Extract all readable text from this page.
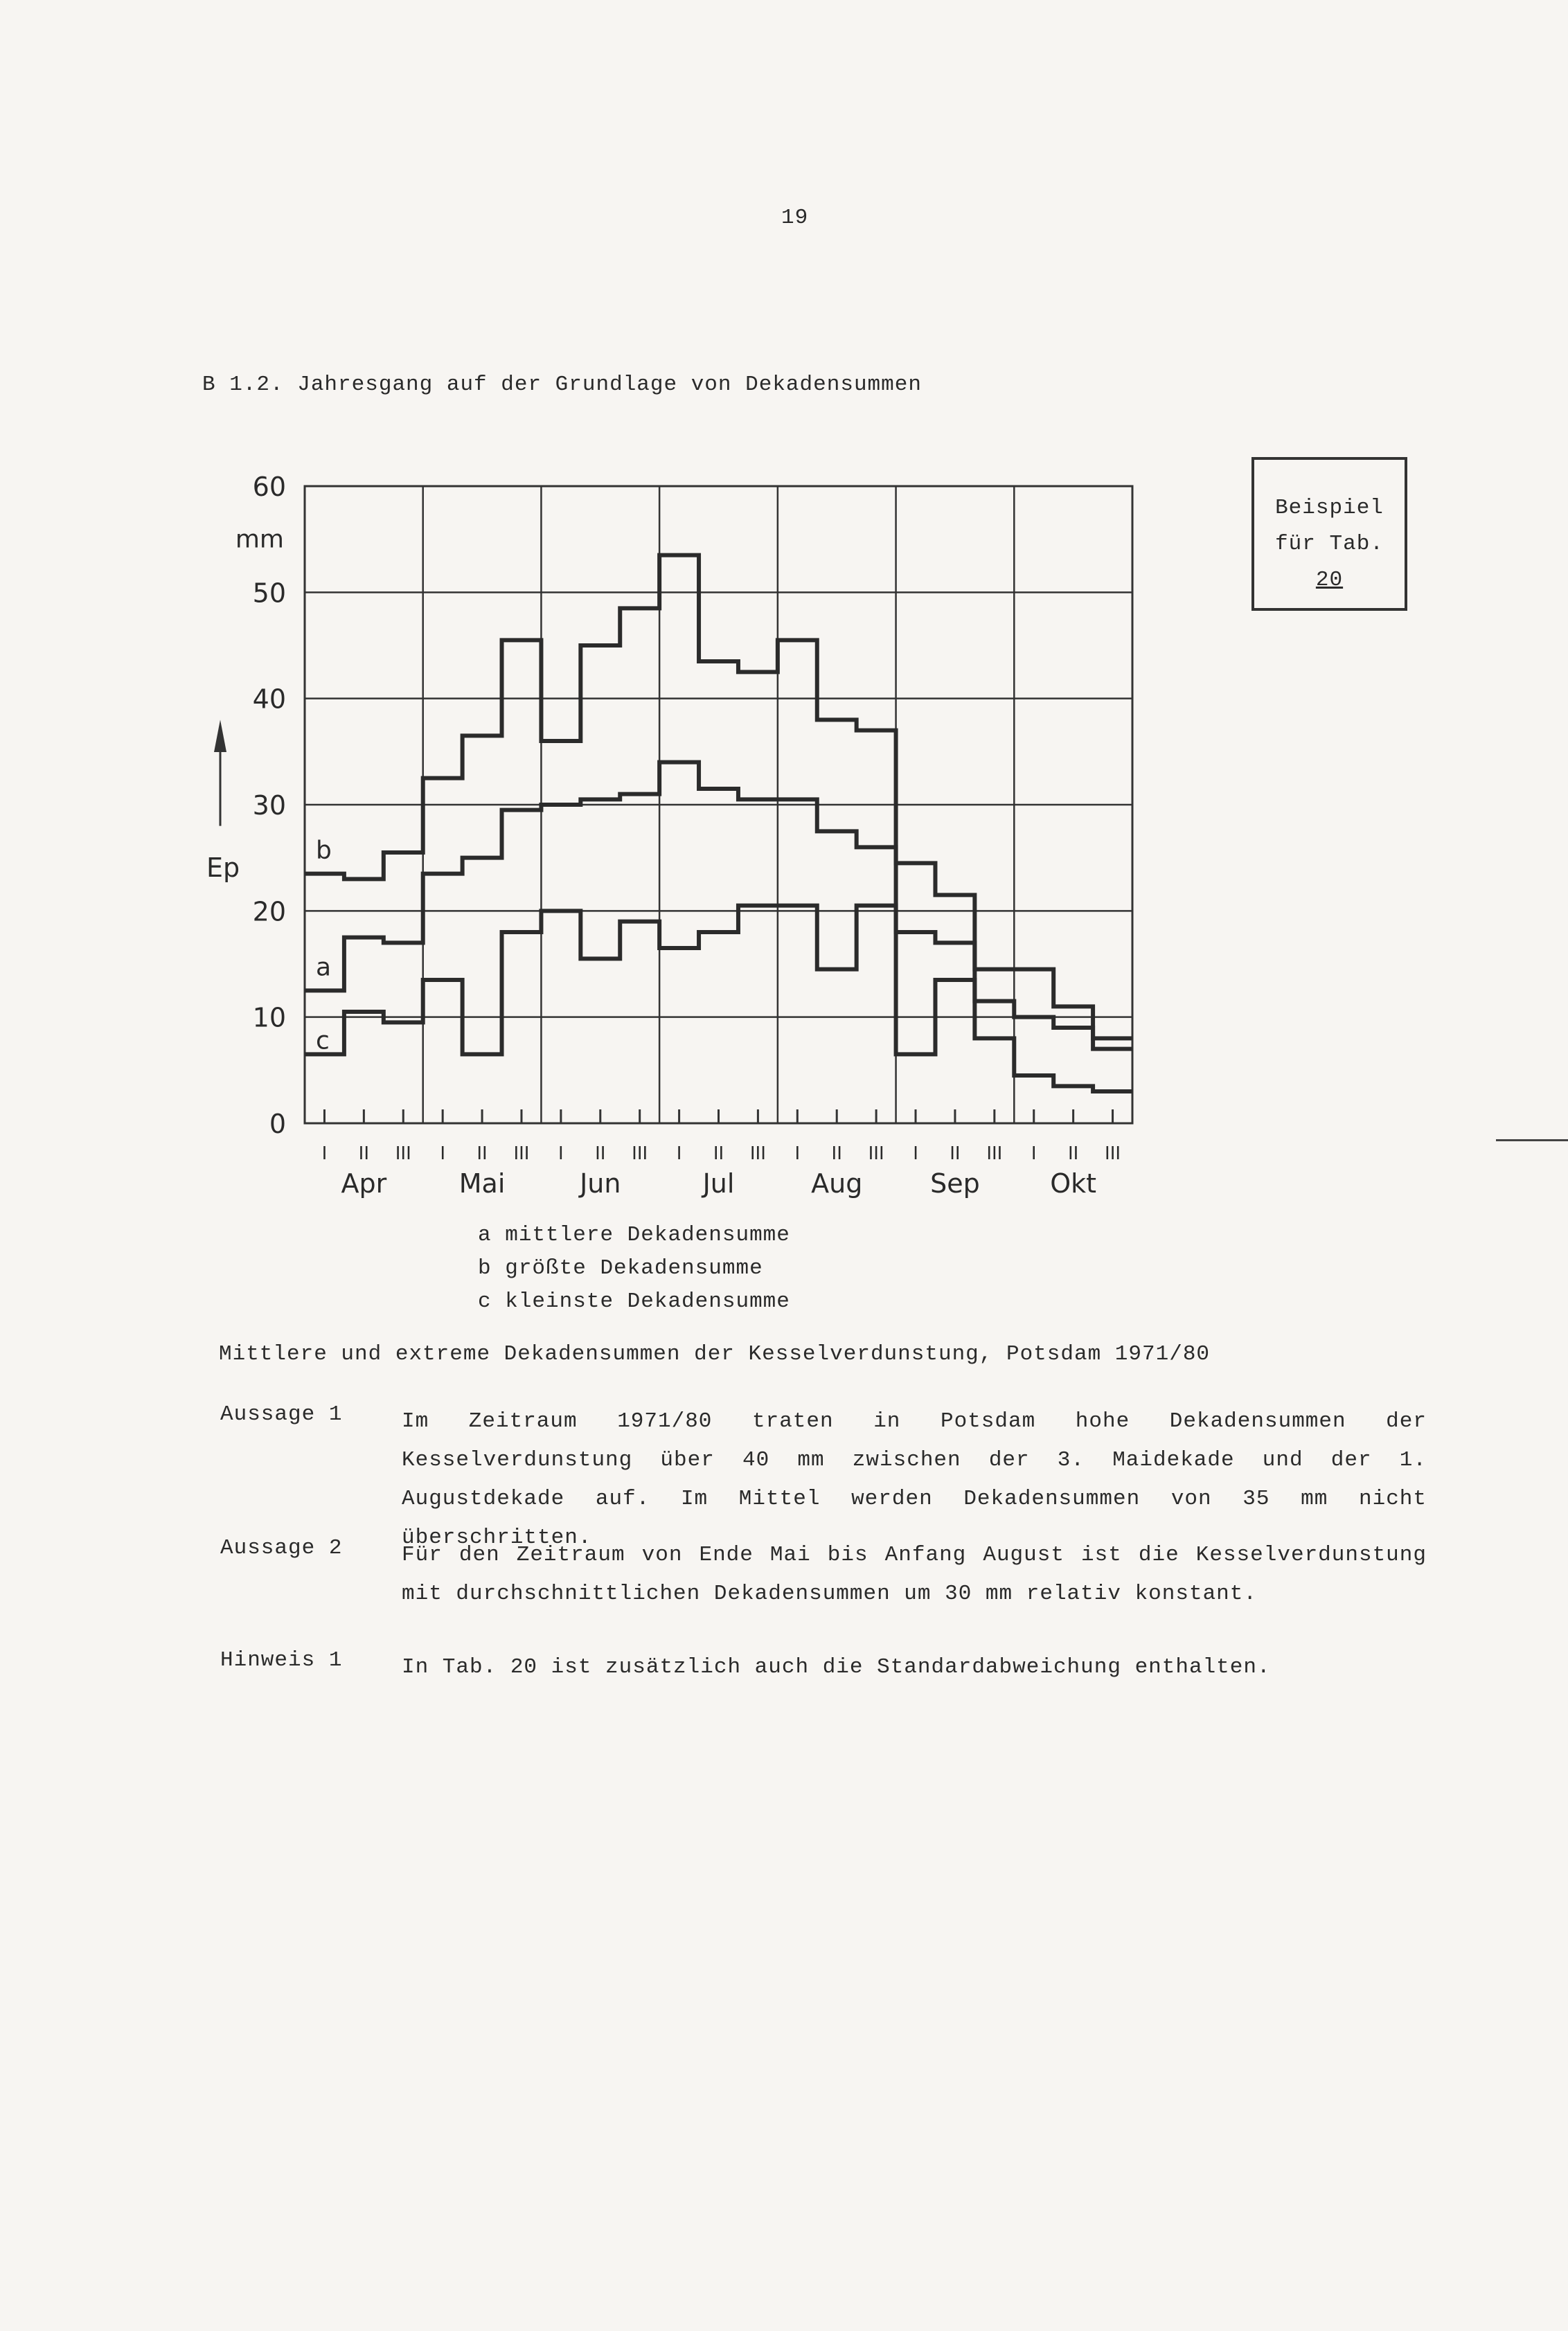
19
B 1.2. Jahresgang auf der Grundlage von Dekadensummen
Beispiel
für Tab.
20
b
a
c
0
10
20
30
40
50
60
mm
Ep
I II III I II III I II III I II III I II III I II III I II III
Apr	Mai	Jun	Jul	Aug	Sep	Okt
a mittlere Dekadensumme
b größte Dekadensumme
c kleinste Dekadensumme
Mittlere und extreme Dekadensummen der Kesselverdunstung, Potsdam 1971/80
Aussage 1	Im Zeitraum 1971/80 traten in Potsdam hohe Dekadensummen der Kesselverdunstung über 40 mm zwischen der 3. Maidekade und der 1. Augustdekade auf. Im Mittel werden Dekadensummen von 35 mm nicht überschritten.
Aussage 2	Für den Zeitraum von Ende Mai bis Anfang August ist die Kesselverdunstung mit durchschnittlichen Dekadensummen um 30 mm relativ konstant.
Hinweis 1	In Tab. 20 ist zusätzlich auch die Standardabweichung enthalten.
